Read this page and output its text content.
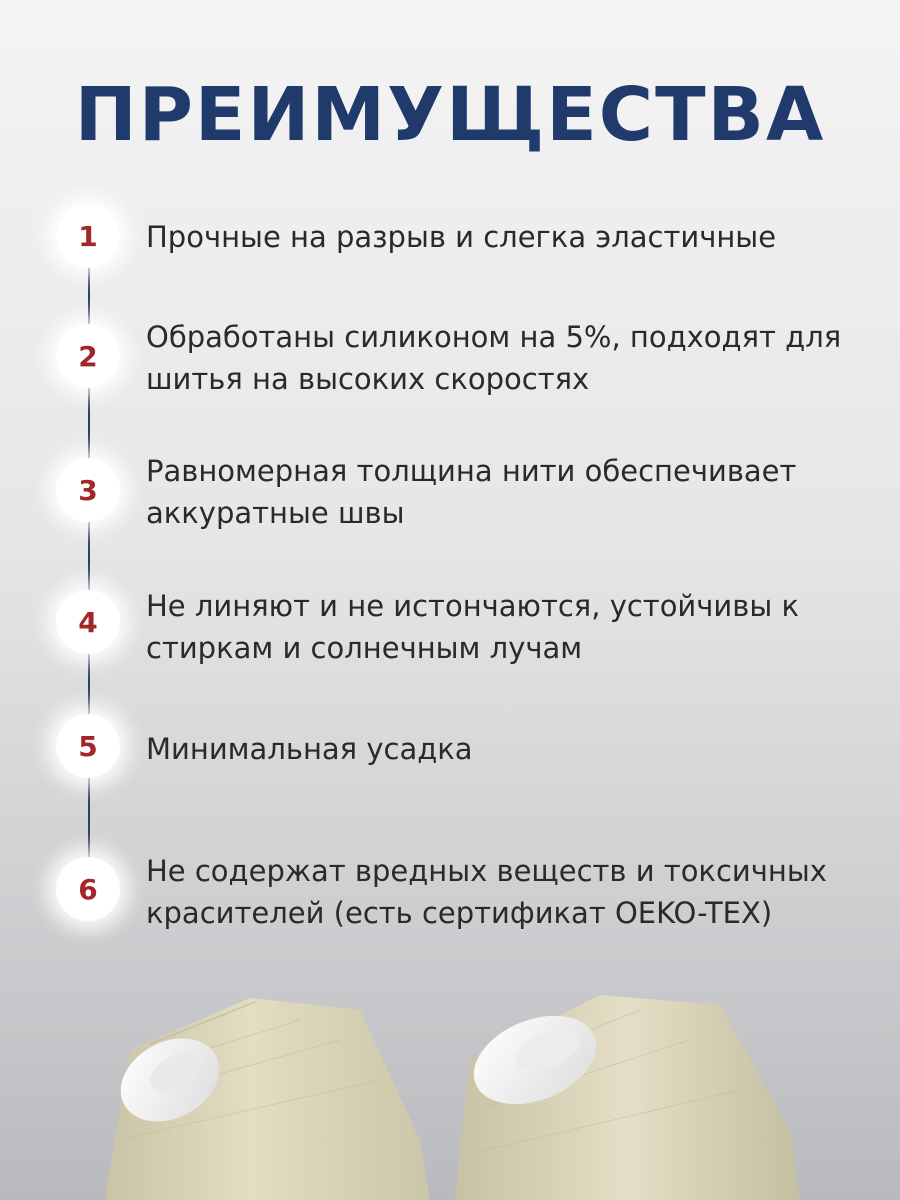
ПРЕИМУЩЕСТВА
1	Прочные на разрыв и слегка эластичные
2
Обработаны силиконом на 5%, подходят для шитья на высоких скоростях
3
Равномерная толщина нити обеспечивает аккуратные швы
4	Не линяют и не истончаются, устойчивы к стиркам и солнечным лучам
5	Минимальная усадка
6
Не содержат вредных веществ и токсичных красителей (есть сертификат OEKO-TEX)
